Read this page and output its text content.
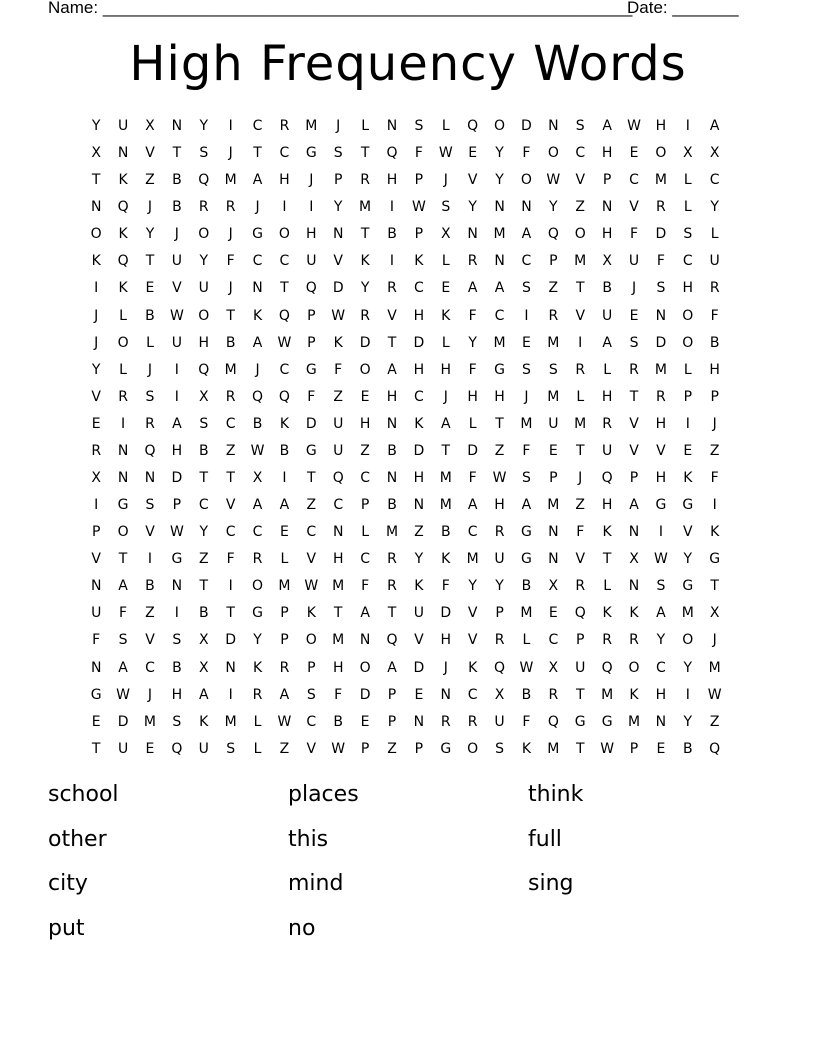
Name: ________________________________________________________
Date: _______
High Frequency Words
Y	U	X	N	Y	I	C	R	M	J	L	N	S	L	Q	O	D	N	S	A	W	H	I	A
X	N	V	T	S	J	T	C	G	S	T	Q	F	W	E	Y	F	O	C	H	E	O	X	X
T	K	Z	B	Q	M	A	H	J	P	R	H	P	J	V	Y	O W	V	P	C	M	L	C
N	Q	J	B	R	R	J	I	I	Y	M	I	W	S	Y	N	N	Y	Z	N	V	R	L	Y
O	K	Y	J	O	J	G	O	H	N	T	B	P	X	N	M	A	Q	O	H	F	D	S	L
K	Q	T	U	Y	F	C	C	U	V	K	I	K	L	R	N	C	P	M	X	U	F	C	U
I	K	E	V	U	J	N	T	Q	D	Y	R	C	E	A	A	S	Z	T	B	J	S	H	R
J	L	B	W O	T	K	Q	P	W	R	V	H	K	F	C	I	R	V	U	E	N	O	F
J	O	L	U	H	B	A	W	P	K	D	T	D	L	Y	M	E	M	I	A	S	D	O	B
Y	L	J	I	Q	M	J	C	G	F	O	A	H	H	F	G	S	S	R	L	R	M	L	H
V	R	S	I	X	R	Q	Q	F	Z	E	H	C	J	H	H	J	M	L	H	T	R	P	P
E	I	R	A	S	C	B	K	D	U	H	N	K	A	L	T	M	U	M	R	V	H	I	J
R	N	Q	H	B	Z	W	B	G	U	Z	B	D	T	D	Z	F	E	T	U	V	V	E	Z
X	N	N	D	T	T	X	I	T	Q	C	N	H	M	F	W	S	P	J	Q	P	H	K	F
I	G	S	P	C	V	A	A	Z	C	P	B	N	M	A	H	A	M	Z	H	A	G	G	I
P	O	V	W	Y	C	C	E	C	N	L	M	Z	B	C	R	G	N	F	K	N	I	V	K
V	T	I	G	Z	F	R	L	V	H	C	R	Y	K	M	U	G	N	V	T	X	W	Y	G
N	A	B	N	T	I	O	M W M	F	R	K	F	Y	Y	B	X	R	L	N	S	G	T
U	F	Z	I	B	T	G	P	K	T	A	T	U	D	V	P	M	E	Q	K	K	A	M	X
F	S	V	S	X	D	Y	P	O	M	N	Q	V	H	V	R	L	C	P	R	R	Y	O	J
N	A	C	B	X	N	K	R	P	H	O	A	D	J	K	Q W	X	U	Q	O	C	Y	M
G	W	J	H	A	I	R	A	S	F	D	P	E	N	C	X	B	R	T	M	K	H	I	W
E	D	M	S	K	M	L	W	C	B	E	P	N	R	R	U	F	Q	G	G	M	N	Y	Z
T	U	E	Q	U	S	L	Z	V	W	P	Z	P	G	O	S	K	M	T	W	P	E	B	Q
school	places	think
other	this	full
city	mind	sing
put	no
